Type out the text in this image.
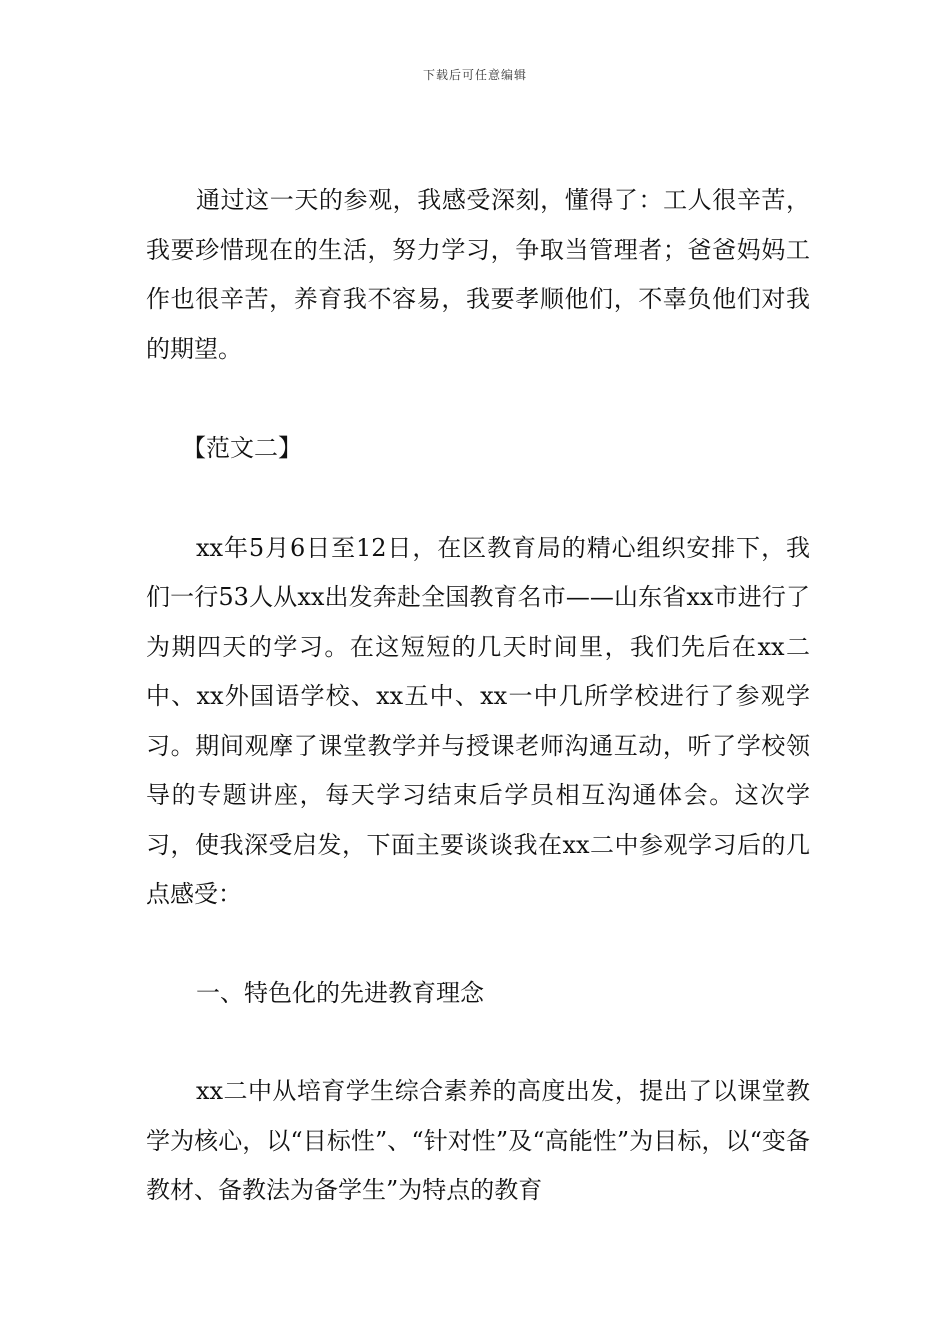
下载后可任意编辑

通过这一天的参观，我感受深刻，懂得了：工人很辛苦，我要珍惜现在的生活，努力学习，争取当管理者；爸爸妈妈工作也很辛苦，养育我不容易，我要孝顺他们，不辜负他们对我的期望。

【范文二】

xx年5月6日至12日，在区教育局的精心组织安排下，我们一行53人从xx出发奔赴全国教育名市——山东省xx市进行了为期四天的学习。在这短短的几天时间里，我们先后在xx二中、xx外国语学校、xx五中、xx一中几所学校进行了参观学习。期间观摩了课堂教学并与授课老师沟通互动，听了学校领导的专题讲座，每天学习结束后学员相互沟通体会。这次学习，使我深受启发，下面主要谈谈我在xx二中参观学习后的几点感受：

一、特色化的先进教育理念

xx二中从培育学生综合素养的高度出发，提出了以课堂教学为核心，以“目标性”、“针对性”及“高能性”为目标，以“变备教材、备教法为备学生”为特点的教育
